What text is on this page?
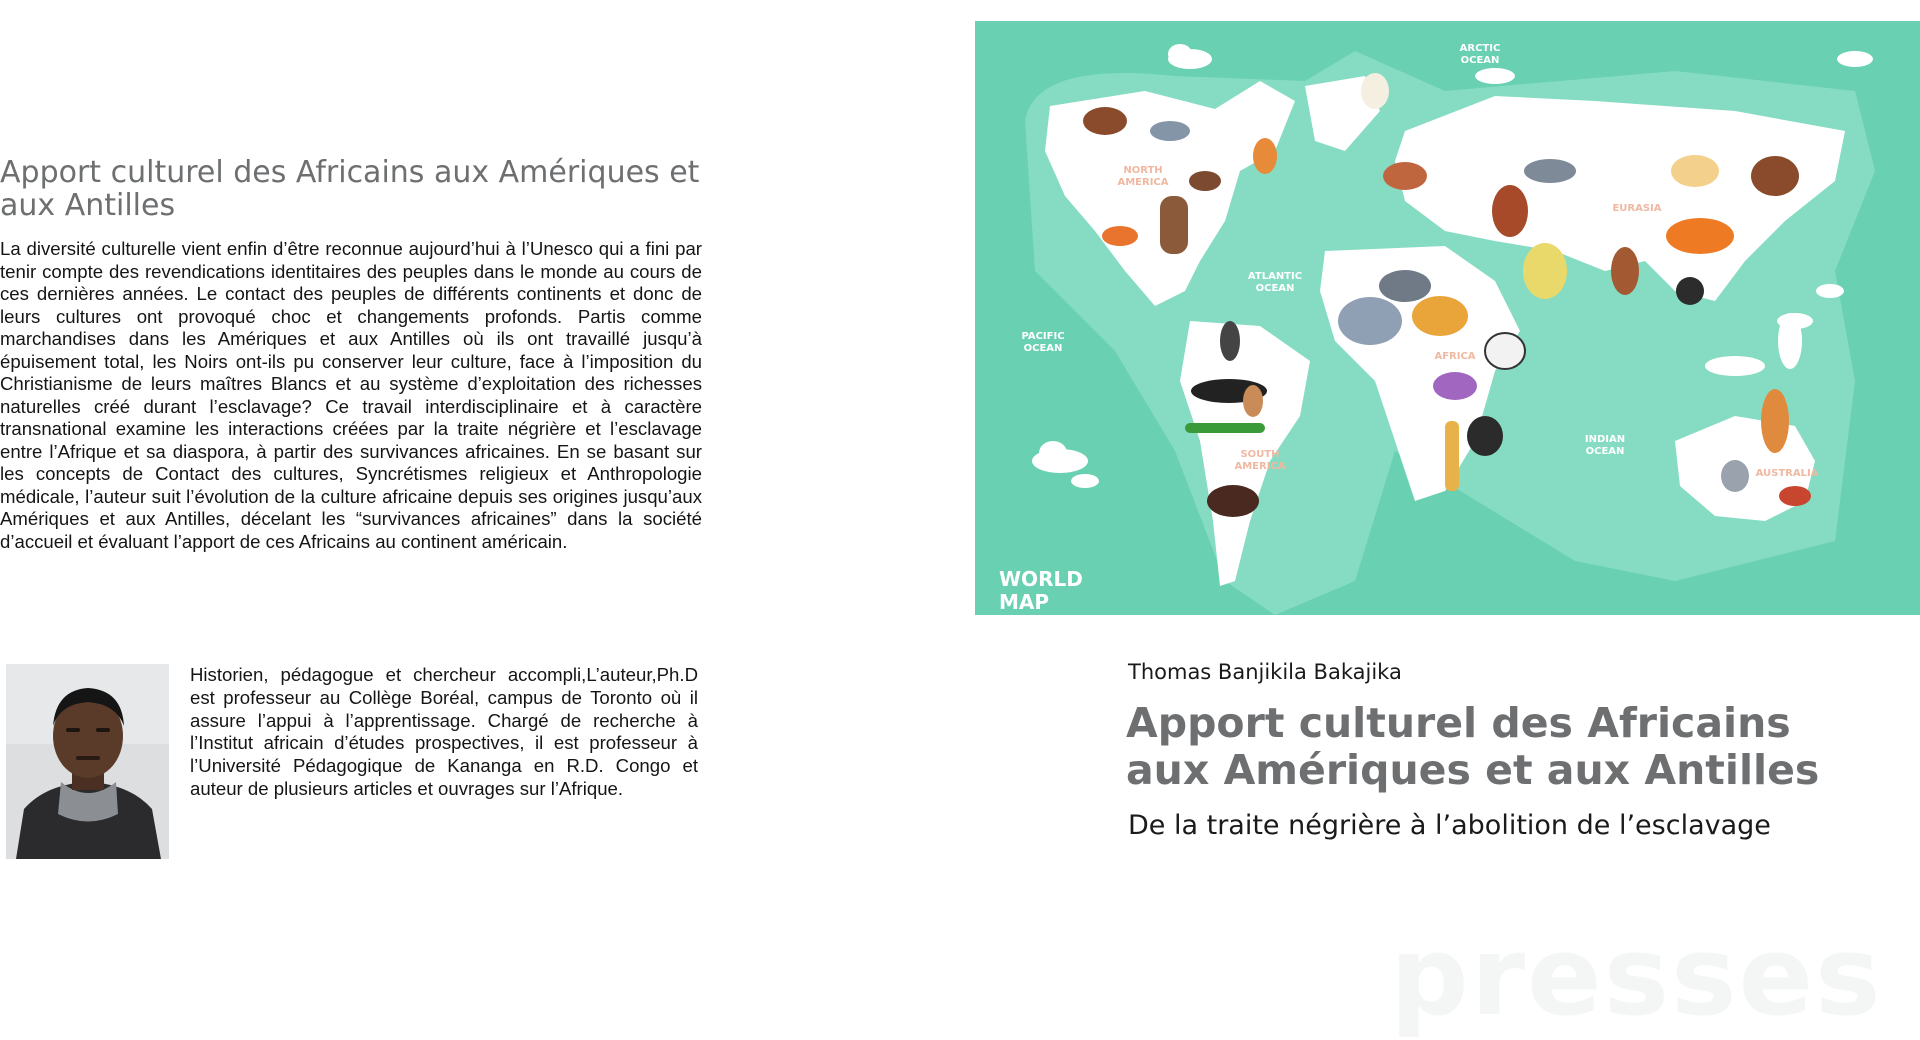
Apport culturel des Africains aux Amériques et aux Antilles

La diversité culturelle vient enfin d’être reconnue aujourd’hui à l’Unesco qui a fini par tenir compte des revendications identitaires des peuples dans le monde au cours de ces dernières années. Le contact des peuples de différents continents et donc de leurs cultures ont provoqué choc et changements profonds. Partis comme marchandises dans les Amériques et aux Antilles où ils ont travaillé jusqu’à épuisement total, les Noirs ont-ils pu conserver leur culture, face à l’imposition du Christianisme de leurs maîtres Blancs et au système d’exploitation des richesses naturelles créé durant l’esclavage? Ce travail interdisciplinaire et à caractère transnational examine les interactions créées par la traite négrière et l’esclavage entre l’Afrique et sa diaspora, à partir des survivances africaines. En se basant sur les concepts de Contact des cultures, Syncrétismes religieux et Anthropologie médicale, l’auteur suit l’évolution de la culture africaine depuis ses origines jusqu’aux Amériques et aux Antilles, décelant les “survivances africaines” dans la société d’accueil et évaluant l’apport de ces Africains au continent américain.

Historien, pédagogue et chercheur accompli,L’auteur,Ph.D est professeur au Collège Boréal, campus de Toronto où il assure l’appui à l’apprentissage. Chargé de recherche à l’Institut africain d’études prospectives, il est professeur à l’Université Pédagogique de Kananga en R.D. Congo et auteur de plusieurs articles et ouvrages sur l’Afrique.

ARCTIC
OCEAN
NORTH
AMERICA
ATLANTIC
OCEAN
PACIFIC
OCEAN
EURASIA
AFRICA
SOUTH
AMERICA
INDIAN
OCEAN
AUSTRALIA
WORLD
MAP

Thomas Banjikila Bakajika

Apport culturel des Africains aux Amériques et aux Antilles

De la traite négrière à l’abolition de l’esclavage

presses
